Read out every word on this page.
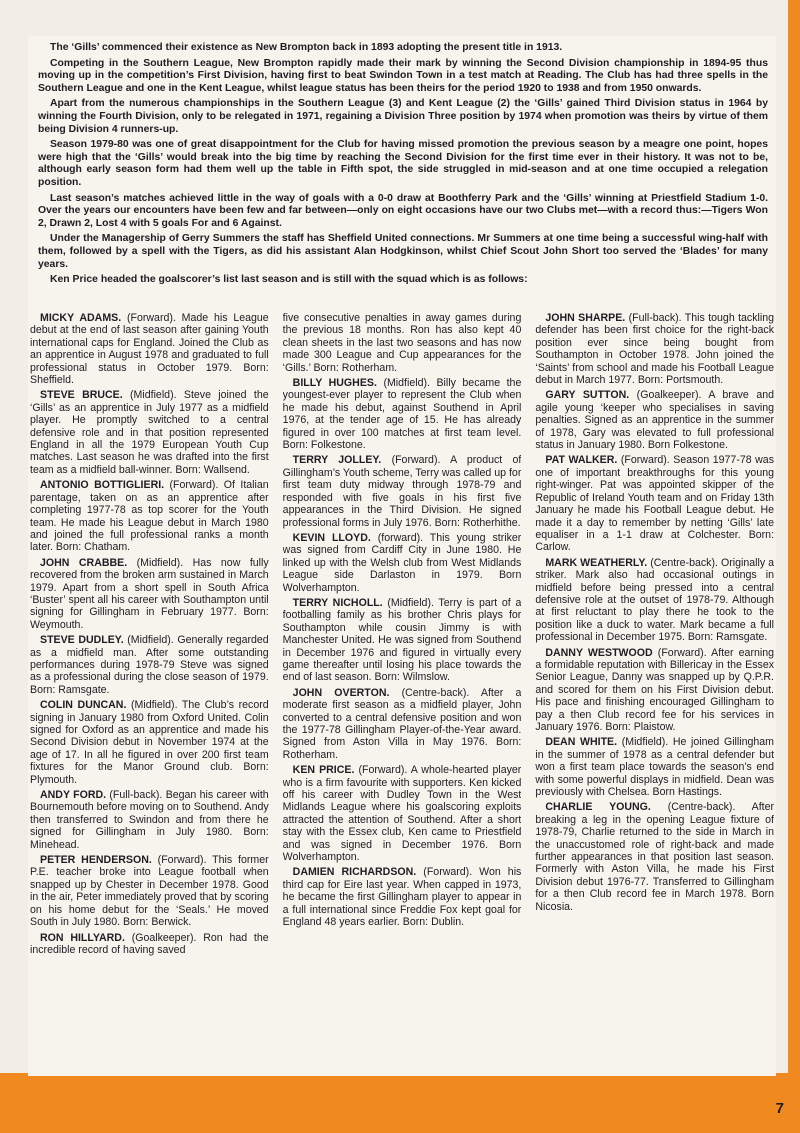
The ‘Gills’ commenced their existence as New Brompton back in 1893 adopting the present title in 1913.

Competing in the Southern League, New Brompton rapidly made their mark by winning the Second Division championship in 1894-95 thus moving up in the competition’s First Division, having first to beat Swindon Town in a test match at Reading. The Club has had three spells in the Southern League and one in the Kent League, whilst league status has been theirs for the period 1920 to 1938 and from 1950 onwards.

Apart from the numerous championships in the Southern League (3) and Kent League (2) the ‘Gills’ gained Third Division status in 1964 by winning the Fourth Division, only to be relegated in 1971, regaining a Division Three position by 1974 when promotion was theirs by virtue of them being Division 4 runners-up.

Season 1979-80 was one of great disappointment for the Club for having missed promotion the previous season by a meagre one point, hopes were high that the ‘Gills’ would break into the big time by reaching the Second Division for the first time ever in their history. It was not to be, although early season form had them well up the table in Fifth spot, the side struggled in mid-season and at one time occupied a relegation position.

Last season’s matches achieved little in the way of goals with a 0-0 draw at Boothferry Park and the ‘Gills’ winning at Priestfield Stadium 1-0. Over the years our encounters have been few and far between—only on eight occasions have our two Clubs met—with a record thus:—Tigers Won 2, Drawn 2, Lost 4 with 5 goals For and 6 Against.

Under the Managership of Gerry Summers the staff has Sheffield United connections. Mr Summers at one time being a successful wing-half with them, followed by a spell with the Tigers, as did his assistant Alan Hodgkinson, whilst Chief Scout John Short too served the ‘Blades’ for many years.

Ken Price headed the goalscorer’s list last season and is still with the squad which is as follows:

MICKY ADAMS. (Forward). Made his League debut at the end of last season after gaining Youth international caps for England. Joined the Club as an apprentice in August 1978 and graduated to full professional status in October 1979. Born: Sheffield.

STEVE BRUCE. (Midfield). Steve joined the ‘Gills’ as an apprentice in July 1977 as a midfield player. He promptly switched to a central defensive role and in that position represented England in all the 1979 European Youth Cup matches. Last season he was drafted into the first team as a midfield ball-winner. Born: Wallsend.

ANTONIO BOTTIGLIERI. (Forward). Of Italian parentage, taken on as an apprentice after completing 1977-78 as top scorer for the Youth team. He made his League debut in March 1980 and joined the full professional ranks a month later. Born: Chatham.

JOHN CRABBE. (Midfield). Has now fully recovered from the broken arm sustained in March 1979. Apart from a short spell in South Africa ‘Buster’ spent all his career with Southampton until signing for Gillingham in February 1977. Born: Weymouth.

STEVE DUDLEY. (Midfield). Generally regarded as a midfield man. After some outstanding performances during 1978-79 Steve was signed as a professional during the close season of 1979. Born: Ramsgate.

COLIN DUNCAN. (Midfield). The Club’s record signing in January 1980 from Oxford United. Colin signed for Oxford as an apprentice and made his Second Division debut in November 1974 at the age of 17. In all he figured in over 200 first team fixtures for the Manor Ground club. Born: Plymouth.

ANDY FORD. (Full-back). Began his career with Bournemouth before moving on to Southend. Andy then transferred to Swindon and from there he signed for Gillingham in July 1980. Born: Minehead.

PETER HENDERSON. (Forward). This former P.E. teacher broke into League football when snapped up by Chester in December 1978. Good in the air, Peter immediately proved that by scoring on his home debut for the ‘Seals.’ He moved South in July 1980. Born: Berwick.

RON HILLYARD. (Goalkeeper). Ron had the incredible record of having saved

five consecutive penalties in away games during the previous 18 months. Ron has also kept 40 clean sheets in the last two seasons and has now made 300 League and Cup appearances for the ‘Gills.’ Born: Rotherham.

BILLY HUGHES. (Midfield). Billy became the youngest-ever player to represent the Club when he made his debut, against Southend in April 1976, at the tender age of 15. He has already figured in over 100 matches at first team level. Born: Folkestone.

TERRY JOLLEY. (Forward). A product of Gillingham’s Youth scheme, Terry was called up for first team duty midway through 1978-79 and responded with five goals in his first five appearances in the Third Division. He signed professional forms in July 1976. Born: Rotherhithe.

KEVIN LLOYD. (forward). This young striker was signed from Cardiff City in June 1980. He linked up with the Welsh club from West Midlands League side Darlaston in 1979. Born Wolverhampton.

TERRY NICHOLL. (Midfield). Terry is part of a footballing family as his brother Chris plays for Southampton while cousin Jimmy is with Manchester United. He was signed from Southend in December 1976 and figured in virtually every game thereafter until losing his place towards the end of last season. Born: Wilmslow.

JOHN OVERTON. (Centre-back). After a moderate first season as a midfield player, John converted to a central defensive position and won the 1977-78 Gillingham Player-of-the-Year award. Signed from Aston Villa in May 1976. Born: Rotherham.

KEN PRICE. (Forward). A whole-hearted player who is a firm favourite with supporters. Ken kicked off his career with Dudley Town in the West Midlands League where his goalscoring exploits attracted the attention of Southend. After a short stay with the Essex club, Ken came to Priestfield and was signed in December 1976. Born Wolverhampton.

DAMIEN RICHARDSON. (Forward). Won his third cap for Eire last year. When capped in 1973, he became the first Gillingham player to appear in a full international since Freddie Fox kept goal for England 48 years earlier. Born: Dublin.

JOHN SHARPE. (Full-back). This tough tackling defender has been first choice for the right-back position ever since being bought from Southampton in October 1978. John joined the ‘Saints’ from school and made his Football League debut in March 1977. Born: Portsmouth.

GARY SUTTON. (Goalkeeper). A brave and agile young ‘keeper who specialises in saving penalties. Signed as an apprentice in the summer of 1978, Gary was elevated to full professional status in January 1980. Born Folkestone.

PAT WALKER. (Forward). Season 1977-78 was one of important breakthroughs for this young right-winger. Pat was appointed skipper of the Republic of Ireland Youth team and on Friday 13th January he made his Football League debut. He made it a day to remember by netting ‘Gills’ late equaliser in a 1-1 draw at Colchester. Born: Carlow.

MARK WEATHERLY. (Centre-back). Originally a striker. Mark also had occasional outings in midfield before being pressed into a central defensive role at the outset of 1978-79. Although at first reluctant to play there he took to the position like a duck to water. Mark became a full professional in December 1975. Born: Ramsgate.

DANNY WESTWOOD (Forward). After earning a formidable reputation with Billericay in the Essex Senior League, Danny was snapped up by Q.P.R. and scored for them on his First Division debut. His pace and finishing encouraged Gillingham to pay a then Club record fee for his services in January 1976. Born: Plaistow.

DEAN WHITE. (Midfield). He joined Gillingham in the summer of 1978 as a central defender but won a first team place towards the season’s end with some powerful displays in midfield. Dean was previously with Chelsea. Born Hastings.

CHARLIE YOUNG. (Centre-back). After breaking a leg in the opening League fixture of 1978-79, Charlie returned to the side in March in the unaccustomed role of right-back and made further appearances in that position last season. Formerly with Aston Villa, he made his First Division debut 1976-77. Transferred to Gillingham for a then Club record fee in March 1978. Born Nicosia.

7
